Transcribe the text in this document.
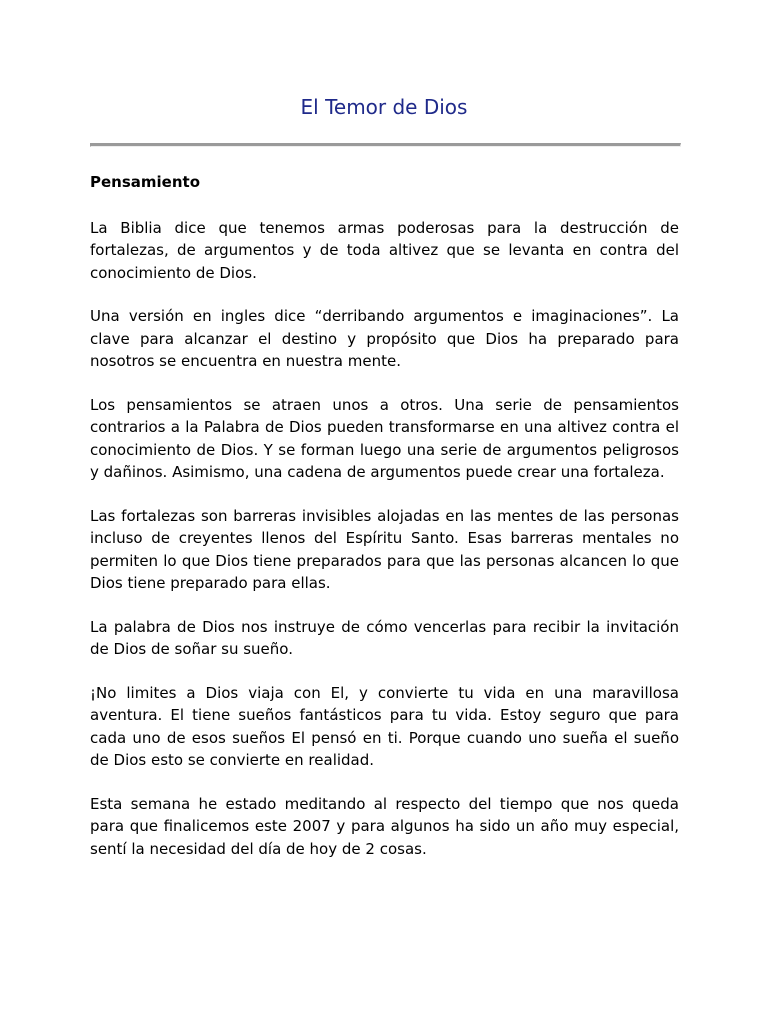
El Temor de Dios

Pensamiento

La Biblia dice que tenemos armas poderosas para la destrucción de fortalezas, de argumentos y de toda altivez que se levanta en contra del conocimiento de Dios.

Una versión en ingles dice “derribando argumentos e imaginaciones”. La clave para alcanzar el destino y propósito que Dios ha preparado para nosotros se encuentra en nuestra mente.

Los pensamientos se atraen unos a otros. Una serie de pensamientos contrarios a la Palabra de Dios pueden transformarse en una altivez contra el conocimiento de Dios. Y se forman luego una serie de argumentos peligrosos y dañinos. Asimismo, una cadena de argumentos puede crear una fortaleza.

Las fortalezas son barreras invisibles alojadas en las mentes de las personas incluso de creyentes llenos del Espíritu Santo. Esas barreras mentales no permiten lo que Dios tiene preparados para que las personas alcancen lo que Dios tiene preparado para ellas.

La palabra de Dios nos instruye de cómo vencerlas para recibir la invitación de Dios de soñar su sueño.

¡No limites a Dios viaja con El, y convierte tu vida en una maravillosa aventura. El tiene sueños fantásticos para tu vida. Estoy seguro que para cada uno de esos sueños El pensó en ti. Porque cuando uno sueña el sueño de Dios esto se convierte en realidad.

Esta semana he estado meditando al respecto del tiempo que nos queda para que finalicemos este 2007 y para algunos ha sido un año muy especial, sentí la necesidad del día de hoy de 2 cosas.
